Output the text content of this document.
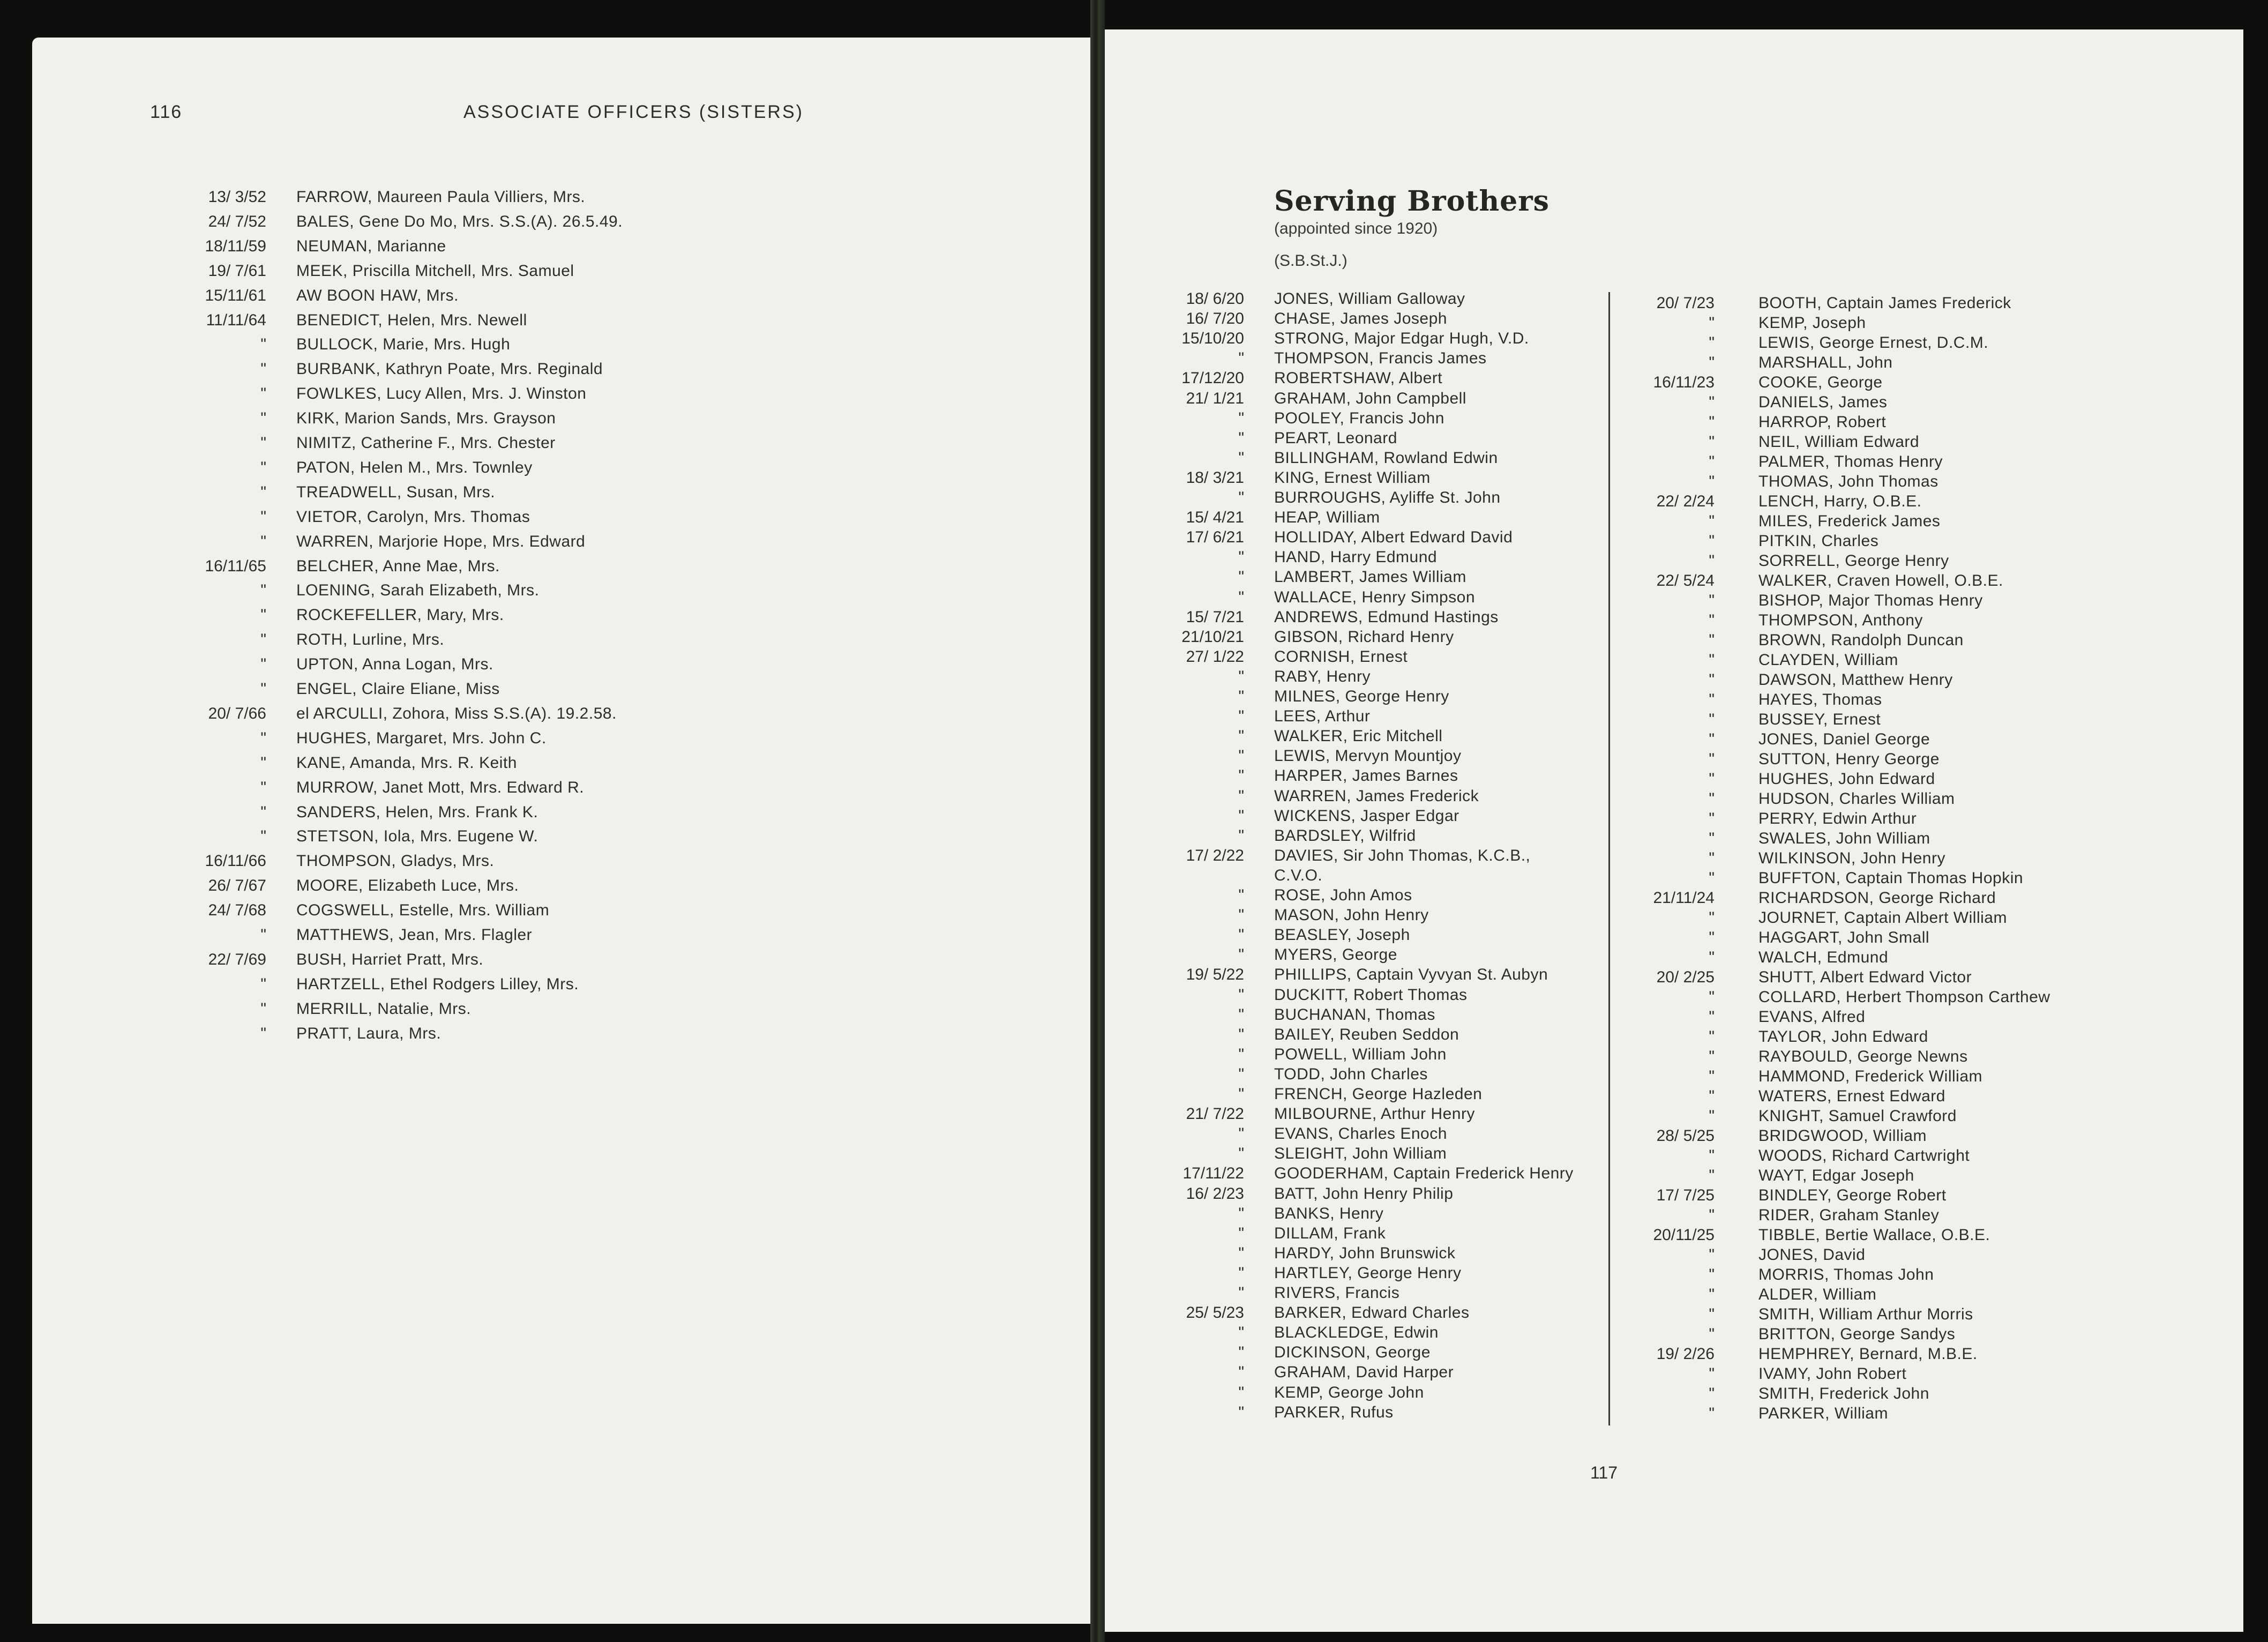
116	ASSOCIATE OFFICERS (SISTERS)
13/ 3/52 FARROW, Maureen Paula Villiers, Mrs.
24/ 7/52 BALES, Gene Do Mo, Mrs. S.S.(A). 26.5.49.
18/11/59 NEUMAN, Marianne
19/ 7/61 MEEK, Priscilla Mitchell, Mrs. Samuel
15/11/61 AW BOON HAW, Mrs.
11/11/64 BENEDICT, Helen, Mrs. Newell
" BULLOCK, Marie, Mrs. Hugh
" BURBANK, Kathryn Poate, Mrs. Reginald
" FOWLKES, Lucy Allen, Mrs. J. Winston
" KIRK, Marion Sands, Mrs. Grayson
" NIMITZ, Catherine F., Mrs. Chester
" PATON, Helen M., Mrs. Townley
" TREADWELL, Susan, Mrs.
" VIETOR, Carolyn, Mrs. Thomas
" WARREN, Marjorie Hope, Mrs. Edward
16/11/65 BELCHER, Anne Mae, Mrs.
" LOENING, Sarah Elizabeth, Mrs.
" ROCKEFELLER, Mary, Mrs.
" ROTH, Lurline, Mrs.
" UPTON, Anna Logan, Mrs.
" ENGEL, Claire Eliane, Miss
20/ 7/66 el ARCULLI, Zohora, Miss S.S.(A). 19.2.58.
" HUGHES, Margaret, Mrs. John C.
" KANE, Amanda, Mrs. R. Keith
" MURROW, Janet Mott, Mrs. Edward R.
" SANDERS, Helen, Mrs. Frank K.
" STETSON, Iola, Mrs. Eugene W.
16/11/66 THOMPSON, Gladys, Mrs.
26/ 7/67 MOORE, Elizabeth Luce, Mrs.
24/ 7/68 COGSWELL, Estelle, Mrs. William
" MATTHEWS, Jean, Mrs. Flagler
22/ 7/69 BUSH, Harriet Pratt, Mrs.
" HARTZELL, Ethel Rodgers Lilley, Mrs.
" MERRILL, Natalie, Mrs.
" PRATT, Laura, Mrs.
Serving Brothers
(appointed since 1920)
(S.B.St.J.)
18/ 6/20 JONES, William Galloway
16/ 7/20 CHASE, James Joseph
15/10/20 STRONG, Major Edgar Hugh, V.D.
" THOMPSON, Francis James
17/12/20 ROBERTSHAW, Albert
21/ 1/21 GRAHAM, John Campbell
" POOLEY, Francis John
" PEART, Leonard
" BILLINGHAM, Rowland Edwin
18/ 3/21 KING, Ernest William
" BURROUGHS, Ayliffe St. John
15/ 4/21 HEAP, William
17/ 6/21 HOLLIDAY, Albert Edward David
" HAND, Harry Edmund
" LAMBERT, James William
" WALLACE, Henry Simpson
15/ 7/21 ANDREWS, Edmund Hastings
21/10/21 GIBSON, Richard Henry
27/ 1/22 CORNISH, Ernest
" RABY, Henry
" MILNES, George Henry
" LEES, Arthur
" WALKER, Eric Mitchell
" LEWIS, Mervyn Mountjoy
" HARPER, James Barnes
" WARREN, James Frederick
" WICKENS, Jasper Edgar
" BARDSLEY, Wilfrid
17/ 2/22 DAVIES, Sir John Thomas, K.C.B.,
C.V.O.
" ROSE, John Amos
" MASON, John Henry
" BEASLEY, Joseph
" MYERS, George
19/ 5/22 PHILLIPS, Captain Vyvyan St. Aubyn
" DUCKITT, Robert Thomas
" BUCHANAN, Thomas
" BAILEY, Reuben Seddon
" POWELL, William John
" TODD, John Charles
" FRENCH, George Hazleden
21/ 7/22 MILBOURNE, Arthur Henry
" EVANS, Charles Enoch
" SLEIGHT, John William
17/11/22 GOODERHAM, Captain Frederick Henry
16/ 2/23 BATT, John Henry Philip
" BANKS, Henry
" DILLAM, Frank
" HARDY, John Brunswick
" HARTLEY, George Henry
" RIVERS, Francis
25/ 5/23 BARKER, Edward Charles
" BLACKLEDGE, Edwin
" DICKINSON, George
" GRAHAM, David Harper
" KEMP, George John
" PARKER, Rufus
20/ 7/23	BOOTH, Captain James Frederick
"	KEMP, Joseph
"	LEWIS, George Ernest, D.C.M.
"	MARSHALL, John
16/11/23	COOKE, George
"	DANIELS, James
"	HARROP, Robert
"	NEIL, William Edward
"	PALMER, Thomas Henry
"	THOMAS, John Thomas
22/ 2/24	LENCH, Harry, O.B.E.
"	MILES, Frederick James
"	PITKIN, Charles
"	SORRELL, George Henry
22/ 5/24	WALKER, Craven Howell, O.B.E.
"	BISHOP, Major Thomas Henry
"	THOMPSON, Anthony
"	BROWN, Randolph Duncan
"	CLAYDEN, William
"	DAWSON, Matthew Henry
"	HAYES, Thomas
"	BUSSEY, Ernest
"	JONES, Daniel George
"	SUTTON, Henry George
"	HUGHES, John Edward
"	HUDSON, Charles William
"	PERRY, Edwin Arthur
"	SWALES, John William
"	WILKINSON, John Henry
"	BUFFTON, Captain Thomas Hopkin
21/11/24	RICHARDSON, George Richard
"	JOURNET, Captain Albert William
"	HAGGART, John Small
"	WALCH, Edmund
20/ 2/25	SHUTT, Albert Edward Victor
"	COLLARD, Herbert Thompson Carthew
"	EVANS, Alfred
"	TAYLOR, John Edward
"	RAYBOULD, George Newns
"	HAMMOND, Frederick William
"	WATERS, Ernest Edward
"	KNIGHT, Samuel Crawford
28/ 5/25	BRIDGWOOD, William
"	WOODS, Richard Cartwright
"	WAYT, Edgar Joseph
17/ 7/25	BINDLEY, George Robert
"	RIDER, Graham Stanley
20/11/25	TIBBLE, Bertie Wallace, O.B.E.
"	JONES, David
"	MORRIS, Thomas John
"	ALDER, William
"	SMITH, William Arthur Morris
"	BRITTON, George Sandys
19/ 2/26	HEMPHREY, Bernard, M.B.E.
"	IVAMY, John Robert
"	SMITH, Frederick John
"	PARKER, William
117
